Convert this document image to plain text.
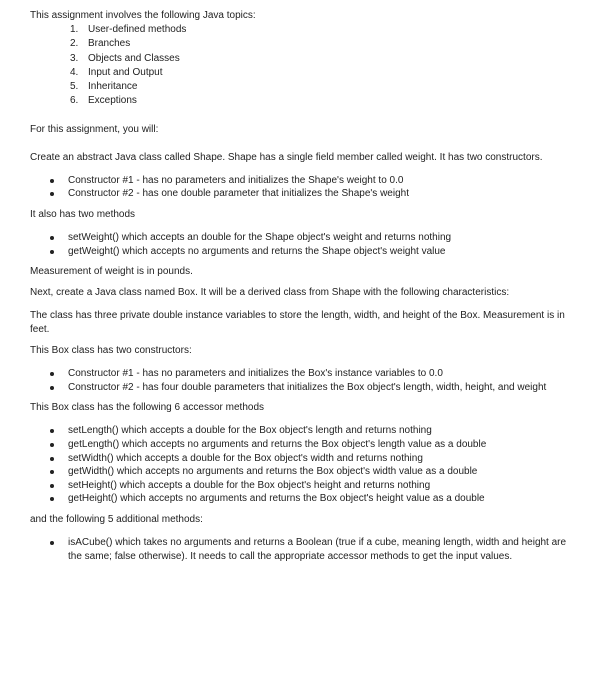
This assignment involves the following Java topics:

1. User-defined methods
2. Branches
3. Objects and Classes
4. Input and Output
5. Inheritance
6. Exceptions

For this assignment, you will:

Create an abstract Java class called Shape. Shape has a single field member called weight. It has two constructors.

Constructor #1 - has no parameters and initializes the Shape's weight to 0.0
Constructor #2 - has one double parameter that initializes the Shape's weight

It also has two methods

setWeight() which accepts an double for the Shape object's weight and returns nothing
getWeight() which accepts no arguments and returns the Shape object's weight value

Measurement of weight is in pounds.

Next, create a Java class named Box. It will be a derived class from Shape with the following characteristics:

The class has three private double instance variables to store the length, width, and height of the Box. Measurement is in feet.

This Box class has two constructors:

Constructor #1 - has no parameters and initializes the Box's instance variables to 0.0
Constructor #2 - has four double parameters that initializes the Box object's length, width, height, and weight

This Box class has the following 6 accessor methods

setLength() which accepts a double for the Box object's length and returns nothing
getLength() which accepts no arguments and returns the Box object's length value as a double
setWidth() which accepts a double for the Box object's width and returns nothing
getWidth() which accepts no arguments and returns the Box object's width value as a double
setHeight() which accepts a double for the Box object's height and returns nothing
getHeight() which accepts no arguments and returns the Box object's height value as a double

and the following 5 additional methods:

isACube() which takes no arguments and returns a Boolean (true if a cube, meaning length, width and height are the same; false otherwise). It needs to call the appropriate accessor methods to get the input values.
